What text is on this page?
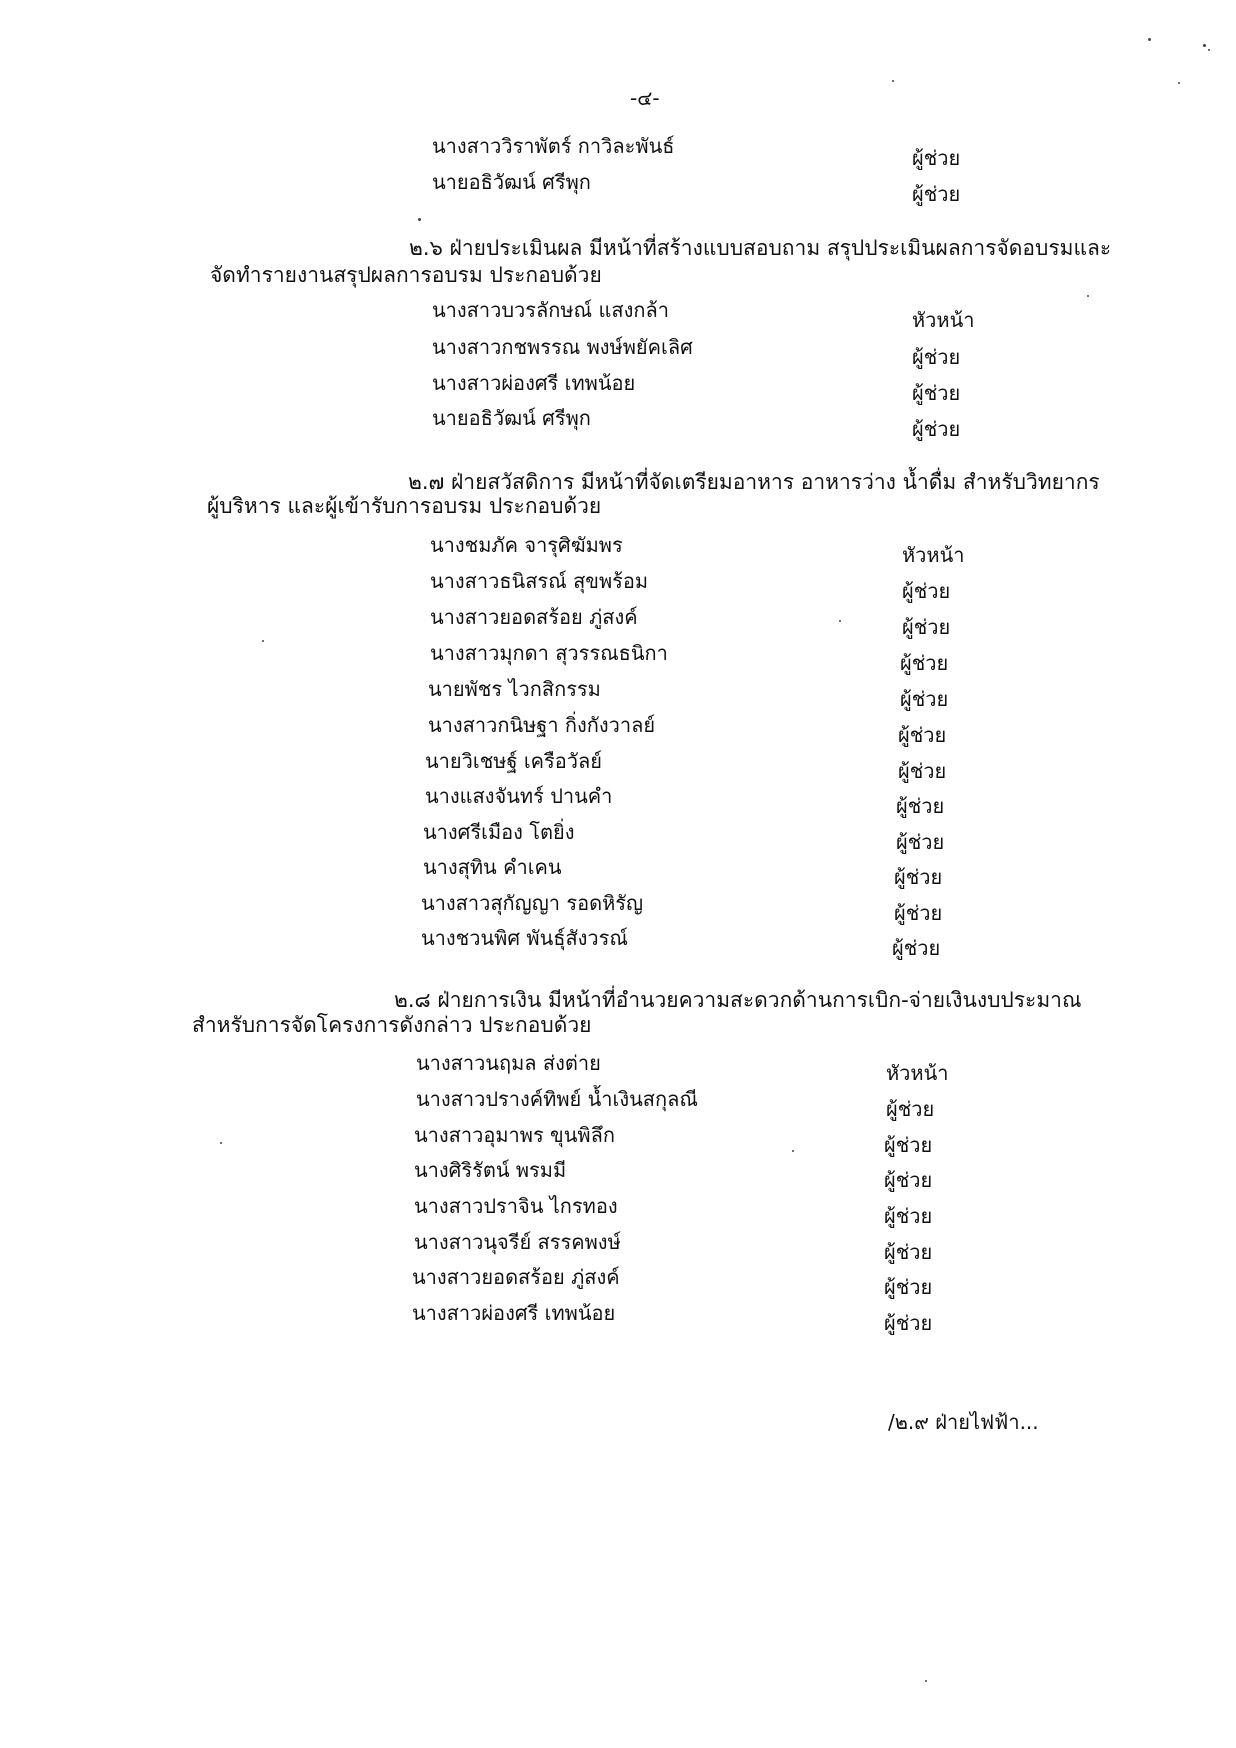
-๔-
นางสาววิราพัตร์ กาวิละพันธ์	ผู้ช่วย
นายอธิวัฒน์ ศรีพุก	ผู้ช่วย
๒.๖ ฝ่ายประเมินผล มีหน้าที่สร้างแบบสอบถาม สรุปประเมินผลการจัดอบรมและ
จัดทำรายงานสรุปผลการอบรม ประกอบด้วย
นางสาวบวรลักษณ์ แสงกล้า	หัวหน้า
นางสาวกชพรรณ พงษ์พยัคเลิศ	ผู้ช่วย
นางสาวผ่องศรี เทพน้อย	ผู้ช่วย
นายอธิวัฒน์ ศรีพุก	ผู้ช่วย
๒.๗ ฝ่ายสวัสดิการ มีหน้าที่จัดเตรียมอาหาร อาหารว่าง น้ำดื่ม สำหรับวิทยากร
ผู้บริหาร และผู้เข้ารับการอบรม ประกอบด้วย
นางชมภัค จารุศิฆัมพร	หัวหน้า
นางสาวธนิสรณ์ สุขพร้อม	ผู้ช่วย
นางสาวยอดสร้อย ภู่สงค์	ผู้ช่วย
นางสาวมุกดา สุวรรณธนิกา	ผู้ช่วย
นายพัชร ไวกสิกรรม	ผู้ช่วย
นางสาวกนิษฐา กิ่งกังวาลย์	ผู้ช่วย
นายวิเชษฐ์ เครือวัลย์	ผู้ช่วย
นางแสงจันทร์ ปานคำ	ผู้ช่วย
นางศรีเมือง โตยิ่ง	ผู้ช่วย
นางสุทิน คำเคน	ผู้ช่วย
นางสาวสุกัญญา รอดหิรัญ	ผู้ช่วย
นางชวนพิศ พันธุ์สังวรณ์	ผู้ช่วย
๒.๘ ฝ่ายการเงิน มีหน้าที่อำนวยความสะดวกด้านการเบิก-จ่ายเงินงบประมาณ
สำหรับการจัดโครงการดังกล่าว ประกอบด้วย
นางสาวนฤมล ส่งต่าย	หัวหน้า
นางสาวปรางค์ทิพย์ น้ำเงินสกุลณี	ผู้ช่วย
นางสาวอุมาพร ขุนพิลึก	ผู้ช่วย
นางศิริรัตน์ พรมมี	ผู้ช่วย
นางสาวปราจิน ไกรทอง	ผู้ช่วย
นางสาวนุจรีย์ สรรคพงษ์	ผู้ช่วย
นางสาวยอดสร้อย ภู่สงค์	ผู้ช่วย
นางสาวผ่องศรี เทพน้อย	ผู้ช่วย
/๒.๙ ฝ่ายไฟฟ้า...
